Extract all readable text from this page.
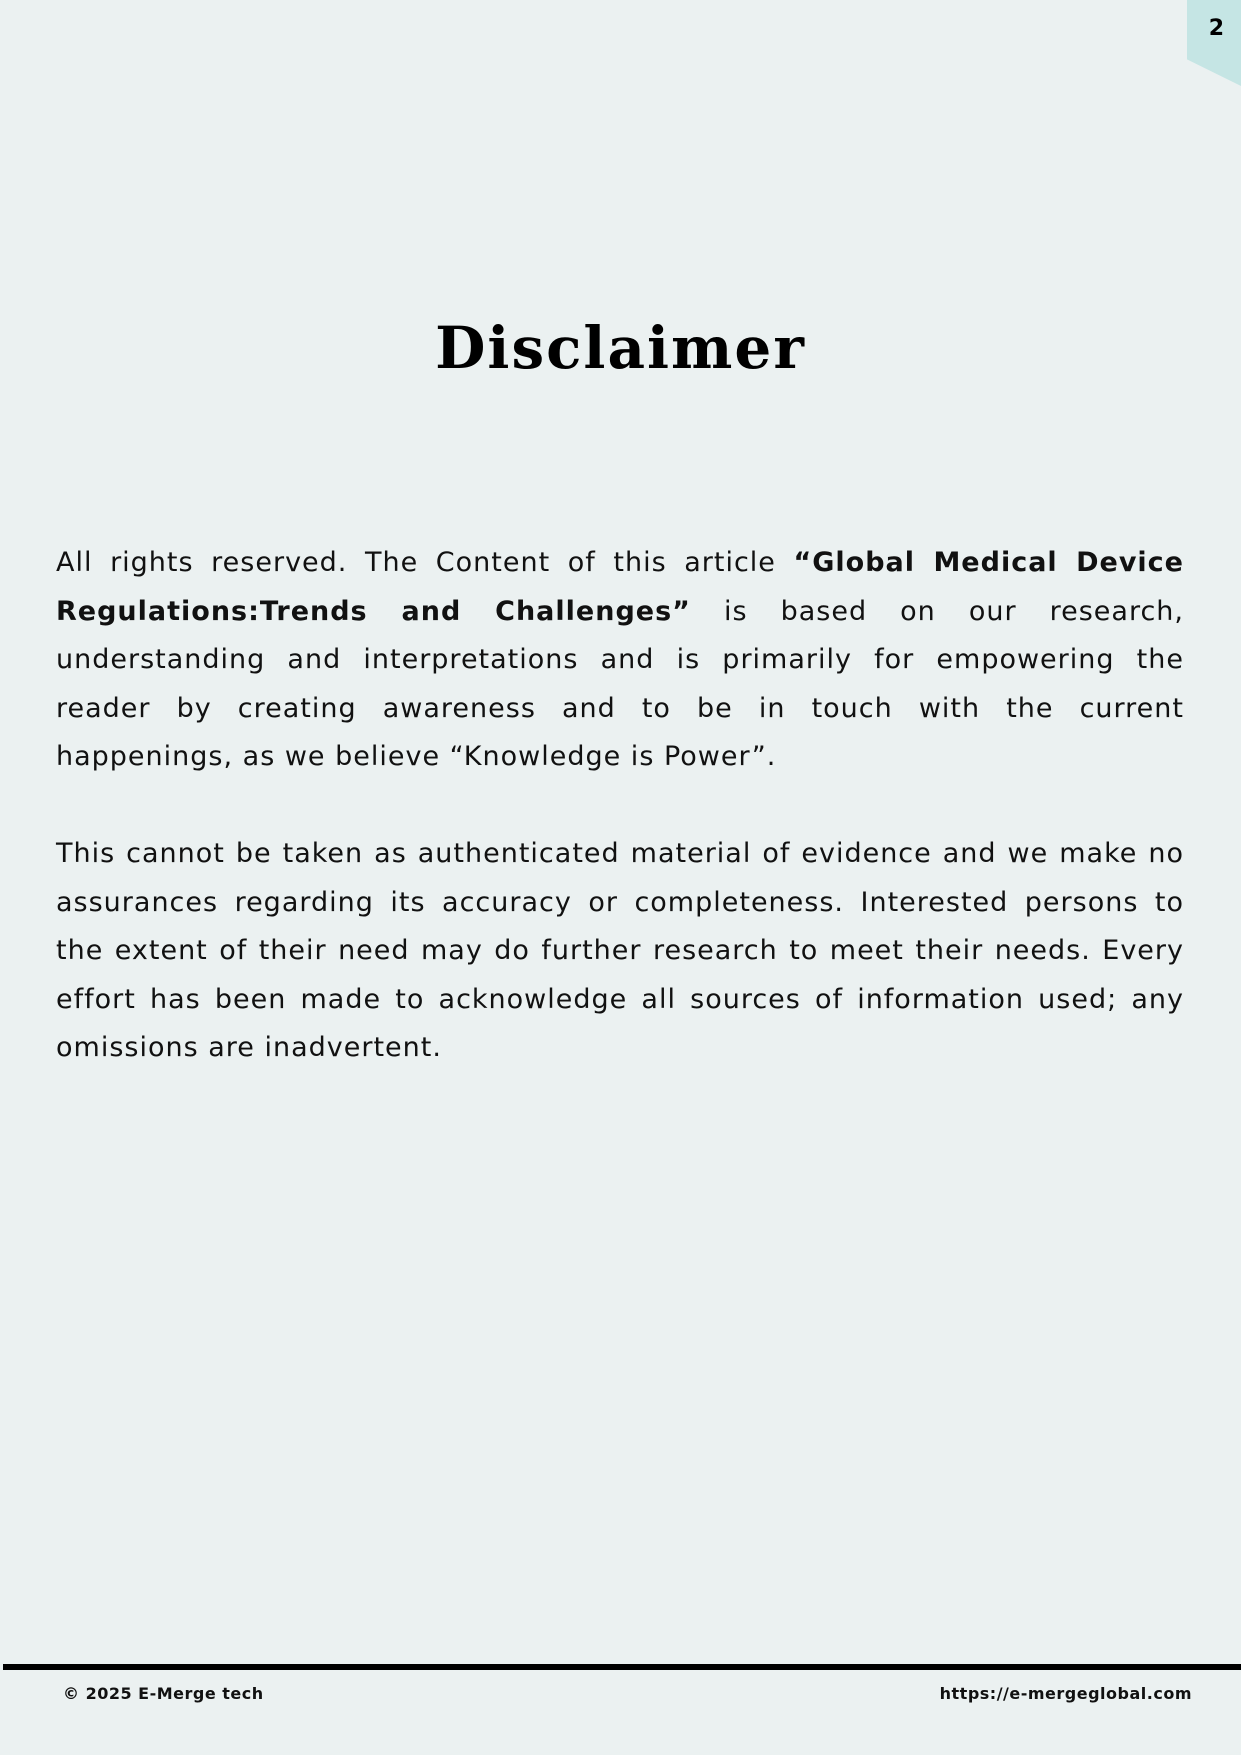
2
Disclaimer

All rights reserved. The Content of this article “Global Medical Device Regulations:Trends and Challenges” is based on our research, understanding and interpretations and is primarily for empowering the reader by creating awareness and to be in touch with the current happenings, as we believe “Knowledge is Power”.

This cannot be taken as authenticated material of evidence and we make no assurances regarding its accuracy or completeness. Interested persons to the extent of their need may do further research to meet their needs. Every effort has been made to acknowledge all sources of information used; any omissions are inadvertent.

© 2025 E-Merge tech	https://e-mergeglobal.com
